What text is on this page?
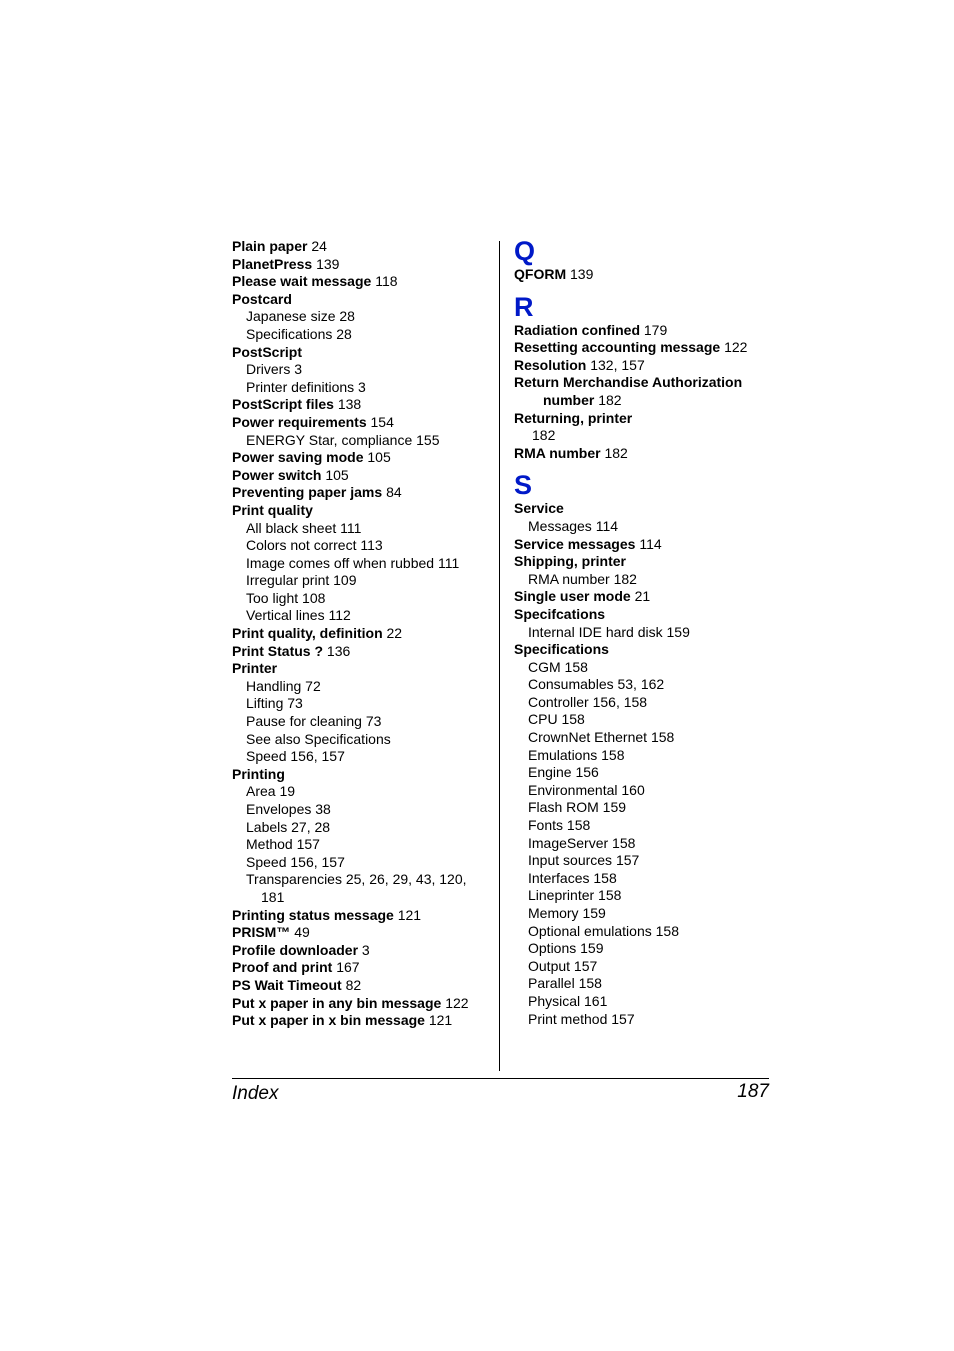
Plain paper 24
PlanetPress 139
Please wait message 118
Postcard
Japanese size 28
Specifications 28
PostScript
Drivers 3
Printer definitions 3
PostScript files 138
Power requirements 154
ENERGY Star, compliance 155
Power saving mode 105
Power switch 105
Preventing paper jams 84
Print quality
All black sheet 111
Colors not correct 113
Image comes off when rubbed 111
Irregular print 109
Too light 108
Vertical lines 112
Print quality, definition 22
Print Status ? 136
Printer
Handling 72
Lifting 73
Pause for cleaning 73
See also Specifications
Speed 156, 157
Printing
Area 19
Envelopes 38
Labels 27, 28
Method 157
Speed 156, 157
Transparencies 25, 26, 29, 43, 120,
181
Printing status message 121
PRISM™ 49
Profile downloader 3
Proof and print 167
PS Wait Timeout 82
Put x paper in any bin message 122
Put x paper in x bin message 121
Q
QFORM 139
R
Radiation confined 179
Resetting accounting message 122
Resolution 132, 157
Return Merchandise Authorization
number 182
Returning, printer
182
RMA number 182
S
Service
Messages 114
Service messages 114
Shipping, printer
RMA number 182
Single user mode 21
Specifcations
Internal IDE hard disk 159
Specifications
CGM 158
Consumables 53, 162
Controller 156, 158
CPU 158
CrownNet Ethernet 158
Emulations 158
Engine 156
Environmental 160
Flash ROM 159
Fonts 158
ImageServer 158
Input sources 157
Interfaces 158
Lineprinter 158
Memory 159
Optional emulations 158
Options 159
Output 157
Parallel 158
Physical 161
Print method 157
Index	187
